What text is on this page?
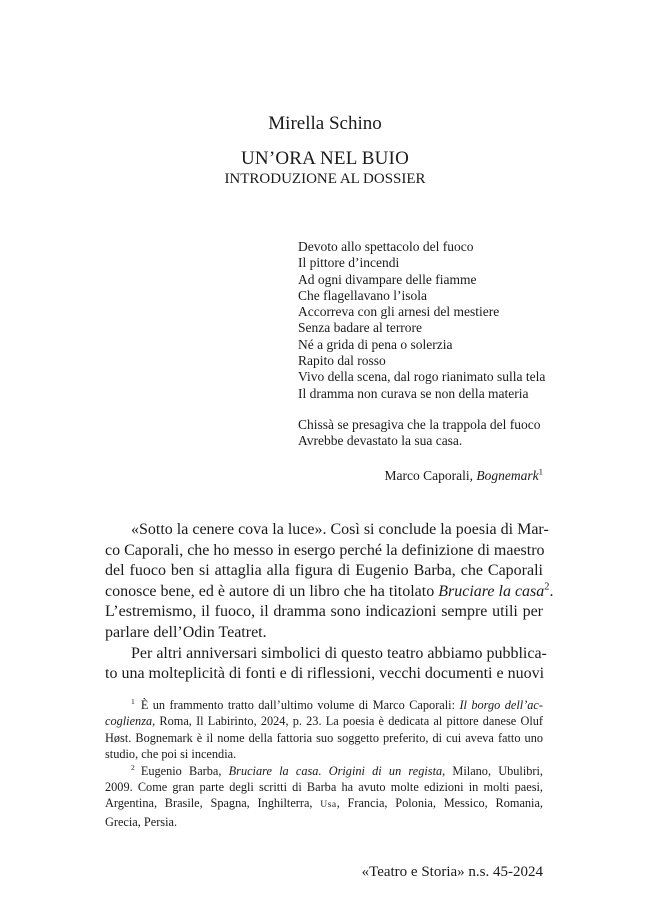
Mirella Schino
UN’ORA NEL BUIO
INTRODUZIONE AL DOSSIER
Devoto allo spettacolo del fuoco
Il pittore d’incendi
Ad ogni divampare delle fiamme
Che flagellavano l’isola
Accorreva con gli arnesi del mestiere
Senza badare al terrore
Né a grida di pena o solerzia
Rapito dal rosso
Vivo della scena, dal rogo rianimato sulla tela
Il dramma non curava se non della materia
Chissà se presagiva che la trappola del fuoco
Avrebbe devastato la sua casa.
Marco Caporali, Bognemark$^1$

«Sotto la cenere cova la luce». Così si conclude la poesia di Mar-
co Caporali, che ho messo in esergo perché la definizione di maestro
del fuoco ben si attaglia alla figura di Eugenio Barba, che Caporali
conosce bene, ed è autore di un libro che ha titolato Bruciare la casa$^2$.
L’estremismo, il fuoco, il dramma sono indicazioni sempre utili per
parlare dell’Odin Teatret.

Per altri anniversari simbolici di questo teatro abbiamo pubblica-
to una molteplicità di fonti e di riflessioni, vecchi documenti e nuovi

$^1$ È un frammento tratto dall’ultimo volume di Marco Caporali: Il borgo dell’ac-
coglienza, Roma, Il Labirinto, 2024, p. 23. La poesia è dedicata al pittore danese Oluf
Høst. Bognemark è il nome della fattoria suo soggetto preferito, di cui aveva fatto uno
studio, che poi si incendia.
$^2$ Eugenio Barba, Bruciare la casa. Origini di un regista, Milano, Ubulibri,
2009. Come gran parte degli scritti di Barba ha avuto molte edizioni in molti paesi,
Argentina, Brasile, Spagna, Inghilterra, Usa, Francia, Polonia, Messico, Romania,
Grecia, Persia.
«Teatro e Storia» n.s. 45-2024
